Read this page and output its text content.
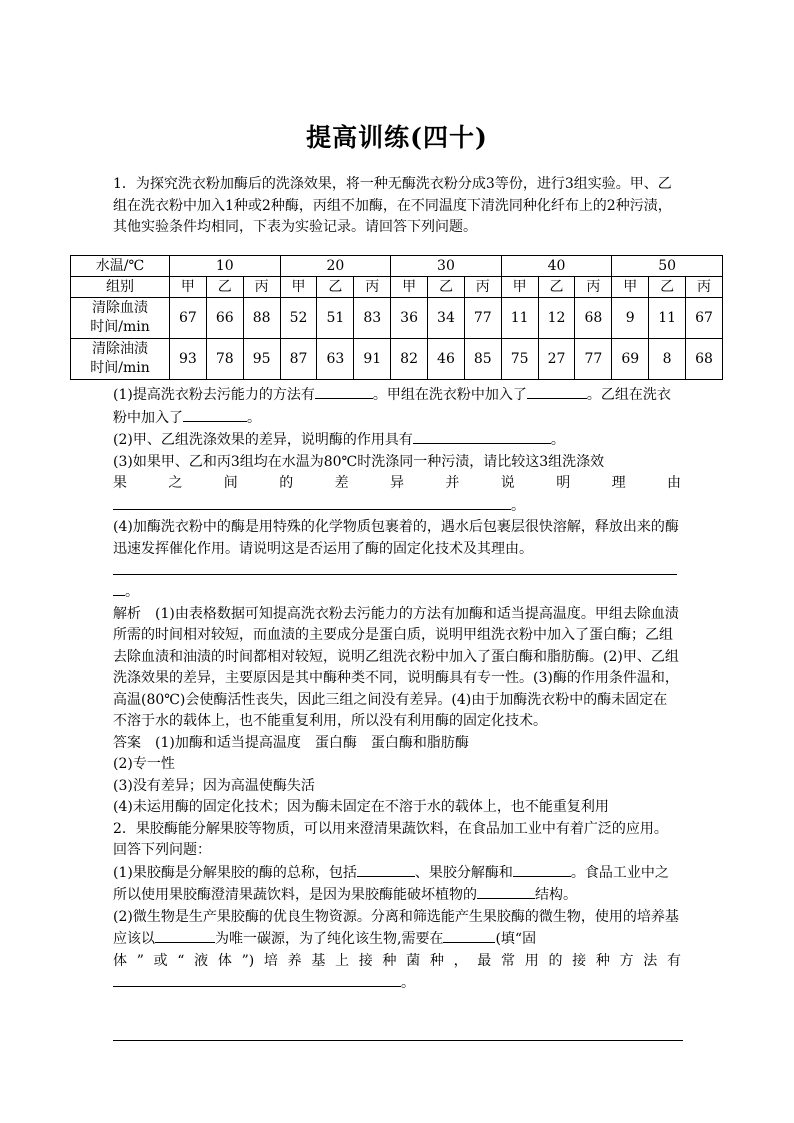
提高训练(四十)

1．为探究洗衣粉加酶后的洗涤效果，将一种无酶洗衣粉分成3等份，进行3组实验。甲、乙组在洗衣粉中加入1种或2种酶，丙组不加酶，在不同温度下清洗同种化纤布上的2种污渍，其他实验条件均相同，下表为实验记录。请回答下列问题。

水温/℃	10			20			30			40			50		
组别	甲	乙	丙	甲	乙	丙	甲	乙	丙	甲	乙	丙	甲	乙	丙

清除血渍
时间/min	67	66	88	52	51	83	36	34	77	11	12	68	9	11	67

清除油渍
时间/min	93	78	95	87	63	91	82	46	85	75	27	77	69	8	68

(1)提高洗衣粉去污能力的方法有	。甲组在洗衣粉中加入了	。乙组在洗衣粉中加入了	。

(2)甲、乙组洗涤效果的差异，说明酶的作用具有	。

(3)如果甲、乙和丙3组均在水温为80℃时洗涤同一种污渍，请比较这3组洗涤效

果之间的差异并说明理由

。

(4)加酶洗衣粉中的酶是用特殊的化学物质包裹着的，遇水后包裹层很快溶解，释放出来的酶迅速发挥催化作用。请说明这是否运用了酶的固定化技术及其理由。

。

解析　 (1)由表格数据可知提高洗衣粉去污能力的方法有加酶和适当提高温度。甲组去除血渍所需的时间相对较短，而血渍的主要成分是蛋白质，说明甲组洗衣粉中加入了蛋白酶；乙组去除血渍和油渍的时间都相对较短，说明乙组洗衣粉中加入了蛋白酶和脂肪酶。(2)甲、乙组洗涤效果的差异，主要原因是其中酶种类不同，说明酶具有专一性。(3)酶的作用条件温和，高温(80℃)会使酶活性丧失，因此三组之间没有差异。(4)由于加酶洗衣粉中的酶未固定在不溶于水的载体上，也不能重复利用，所以没有利用酶的固定化技术。

答案　 (1)加酶和适当提高温度　蛋白酶　蛋白酶和脂肪酶

(2)专一性

(3)没有差异；因为高温使酶失活

(4)未运用酶的固定化技术；因为酶未固定在不溶于水的载体上，也不能重复利用

2．果胶酶能分解果胶等物质，可以用来澄清果蔬饮料，在食品加工业中有着广泛的应用。回答下列问题：

(1)果胶酶是分解果胶的酶的总称，包括	、果胶分解酶和	。食品工业中之所以使用果胶酶澄清果蔬饮料，是因为果胶酶能破坏植物的	结构。

(2)微生物是生产果胶酶的优良生物资源。分离和筛选能产生果胶酶的微生物，使用的培养基应该以	为唯一碳源，为了纯化该生物,需要在	(填“固

体”或“液体”)培养基上接种菌种，最常用的接种方法有

。
